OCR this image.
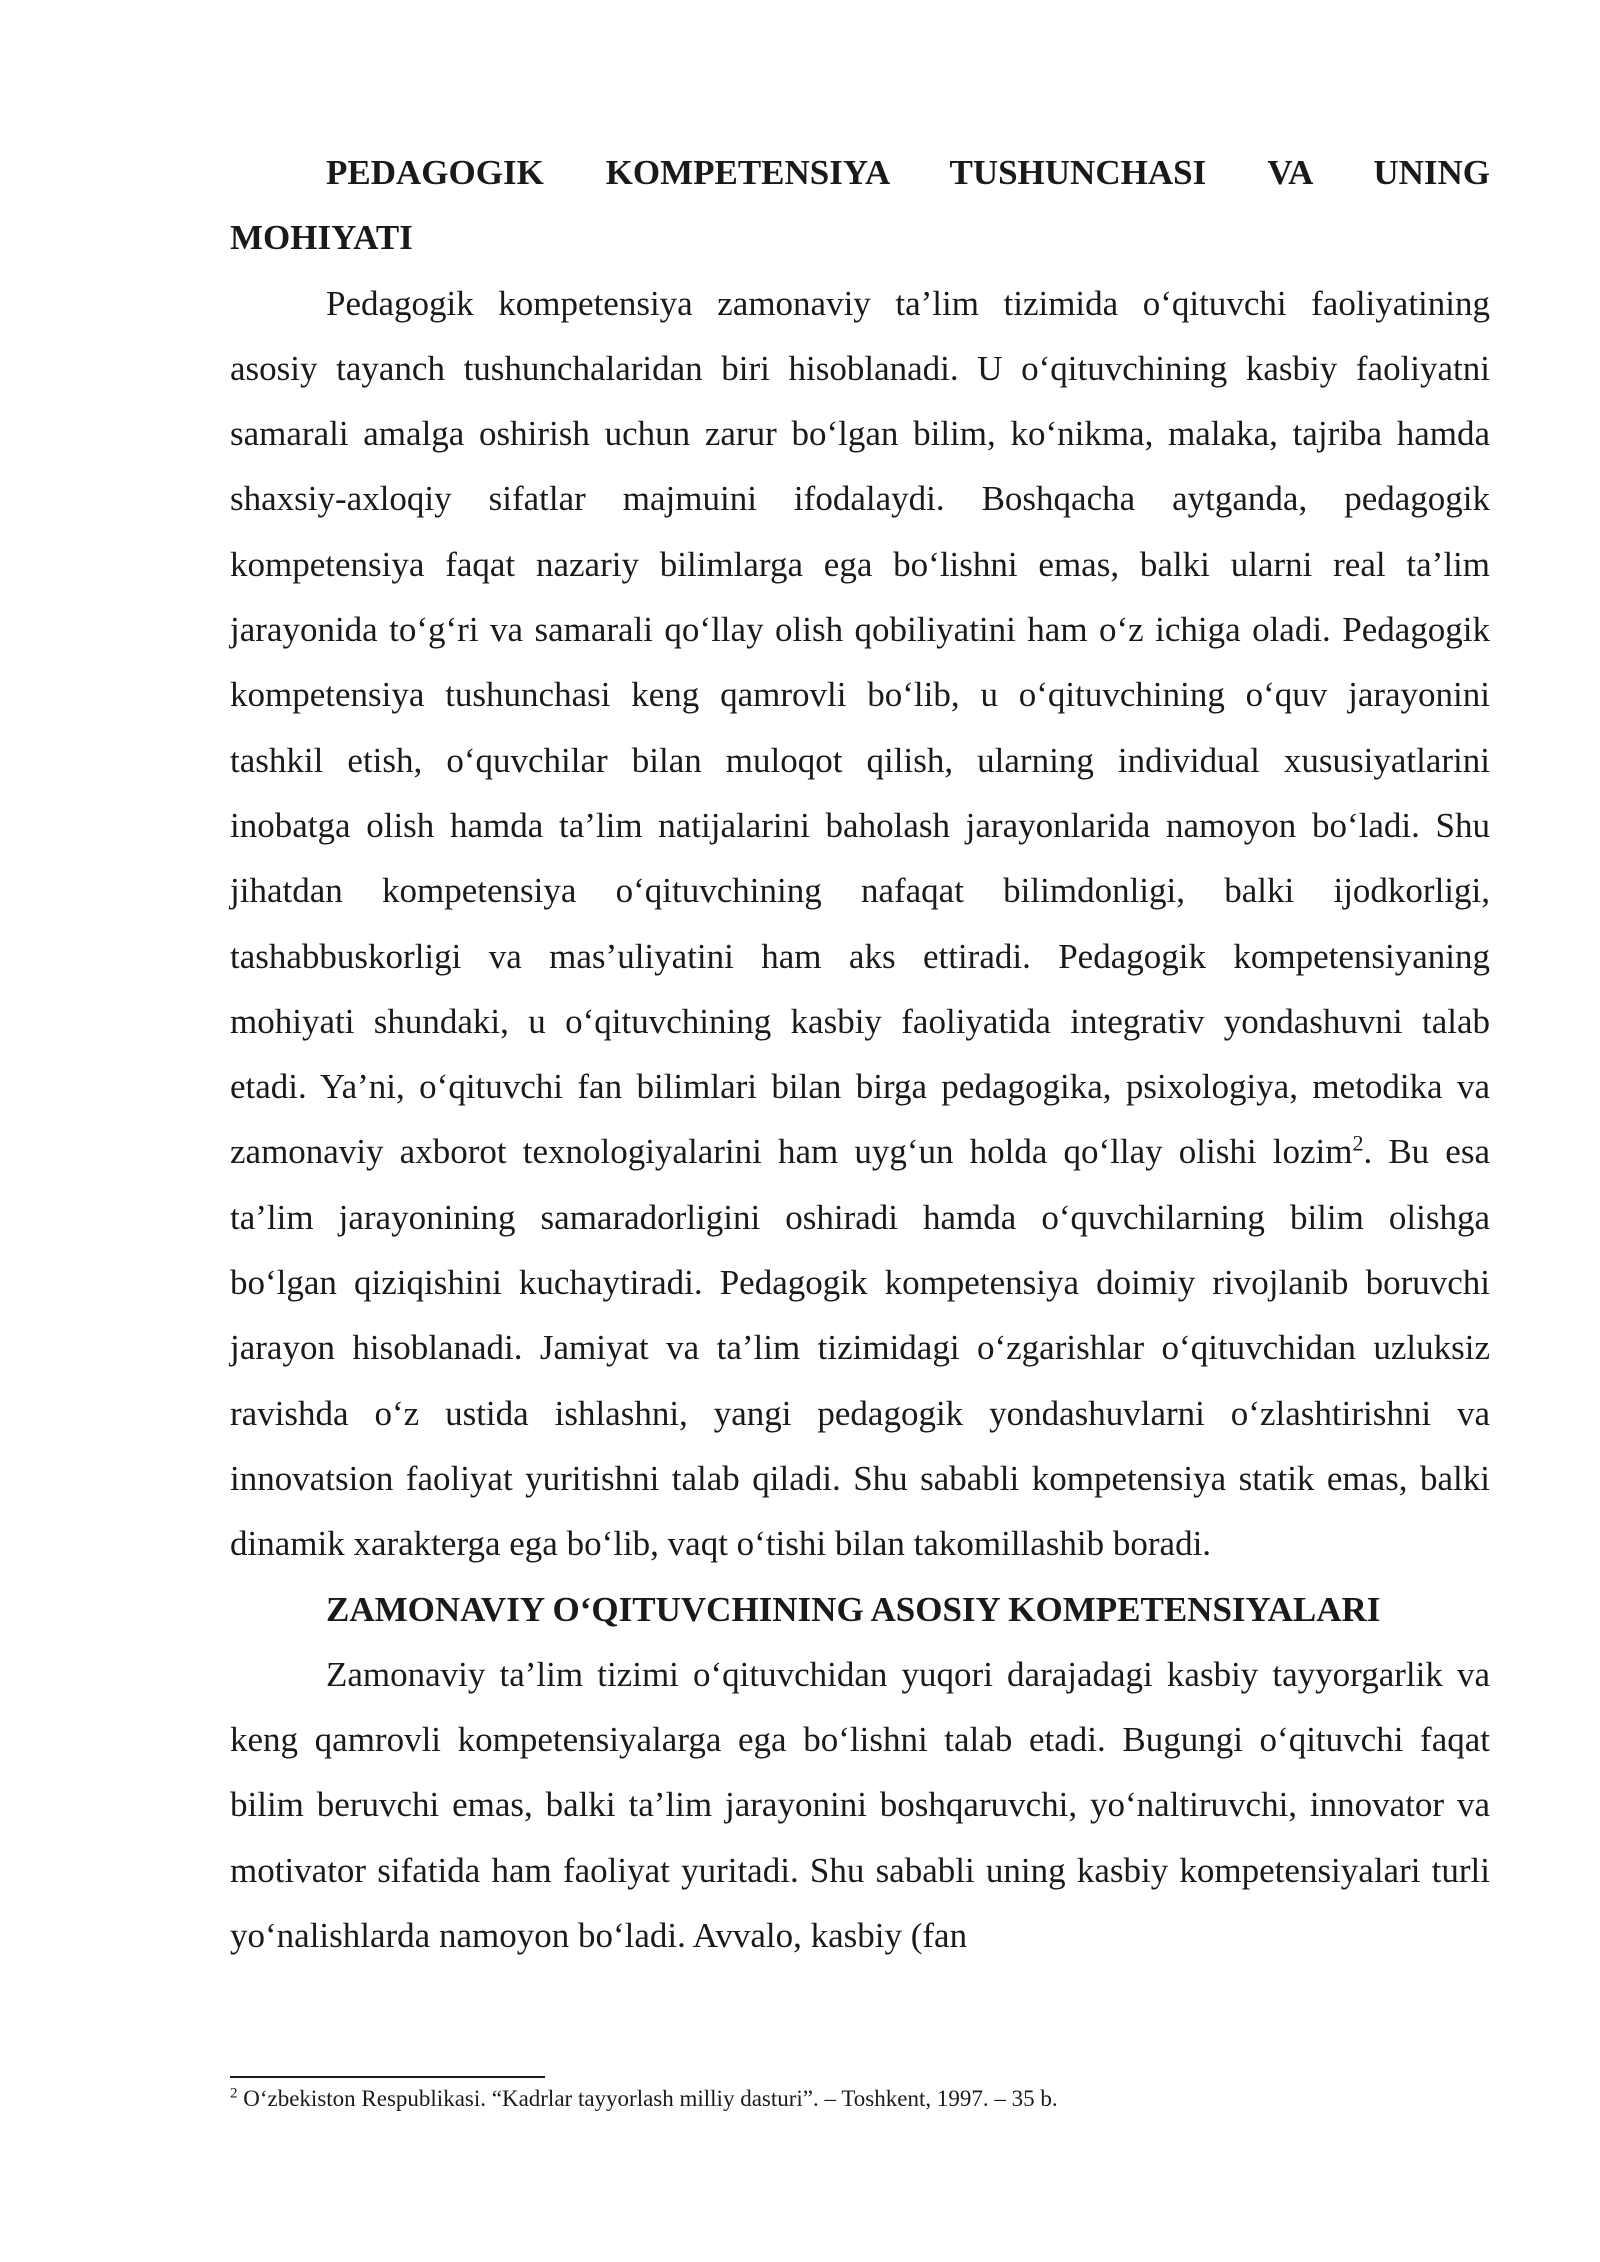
PEDAGOGIK KOMPETENSIYA TUSHUNCHASI VA UNING
MOHIYATI

Pedagogik kompetensiya zamonaviy ta’lim tizimida o‘qituvchi faoliyatining asosiy tayanch tushunchalaridan biri hisoblanadi. U o‘qituvchining kasbiy faoliyatni samarali amalga oshirish uchun zarur bo‘lgan bilim, ko‘nikma, malaka, tajriba hamda shaxsiy-axloqiy sifatlar majmuini ifodalaydi. Boshqacha aytganda, pedagogik kompetensiya faqat nazariy bilimlarga ega bo‘lishni emas, balki ularni real ta’lim jarayonida to‘g‘ri va samarali qo‘llay olish qobiliyatini ham o‘z ichiga oladi. Pedagogik kompetensiya tushunchasi keng qamrovli bo‘lib, u o‘qituvchining o‘quv jarayonini tashkil etish, o‘quvchilar bilan muloqot qilish, ularning individual xususiyatlarini inobatga olish hamda ta’lim natijalarini baholash jarayonlarida namoyon bo‘ladi. Shu jihatdan kompetensiya o‘qituvchining nafaqat bilimdonligi, balki ijodkorligi, tashabbuskorligi va mas’uliyatini ham aks ettiradi. Pedagogik kompetensiyaning mohiyati shundaki, u o‘qituvchining kasbiy faoliyatida integrativ yondashuvni talab etadi. Ya’ni, o‘qituvchi fan bilimlari bilan birga pedagogika, psixologiya, metodika va zamonaviy axborot texnologiyalarini ham uyg‘un holda qo‘llay olishi lozim$^2$. Bu esa ta’lim jarayonining samaradorligini oshiradi hamda o‘quvchilarning bilim olishga bo‘lgan qiziqishini kuchaytiradi. Pedagogik kompetensiya doimiy rivojlanib boruvchi jarayon hisoblanadi. Jamiyat va ta’lim tizimidagi o‘zgarishlar o‘qituvchidan uzluksiz ravishda o‘z ustida ishlashni, yangi pedagogik yondashuvlarni o‘zlashtirishni va innovatsion faoliyat yuritishni talab qiladi. Shu sababli kompetensiya statik emas, balki dinamik xarakterga ega bo‘lib, vaqt o‘tishi bilan takomillashib boradi.

ZAMONAVIY O‘QITUVCHINING ASOSIY KOMPETENSIYALARI

Zamonaviy ta’lim tizimi o‘qituvchidan yuqori darajadagi kasbiy tayyorgarlik va keng qamrovli kompetensiyalarga ega bo‘lishni talab etadi. Bugungi o‘qituvchi faqat bilim beruvchi emas, balki ta’lim jarayonini boshqaruvchi, yo‘naltiruvchi, innovator va motivator sifatida ham faoliyat yuritadi. Shu sababli uning kasbiy kompetensiyalari turli yo‘nalishlarda namoyon bo‘ladi. Avvalo, kasbiy (fan

$^2$ O‘zbekiston Respublikasi. “Kadrlar tayyorlash milliy dasturi”. – Toshkent, 1997. – 35 b.
